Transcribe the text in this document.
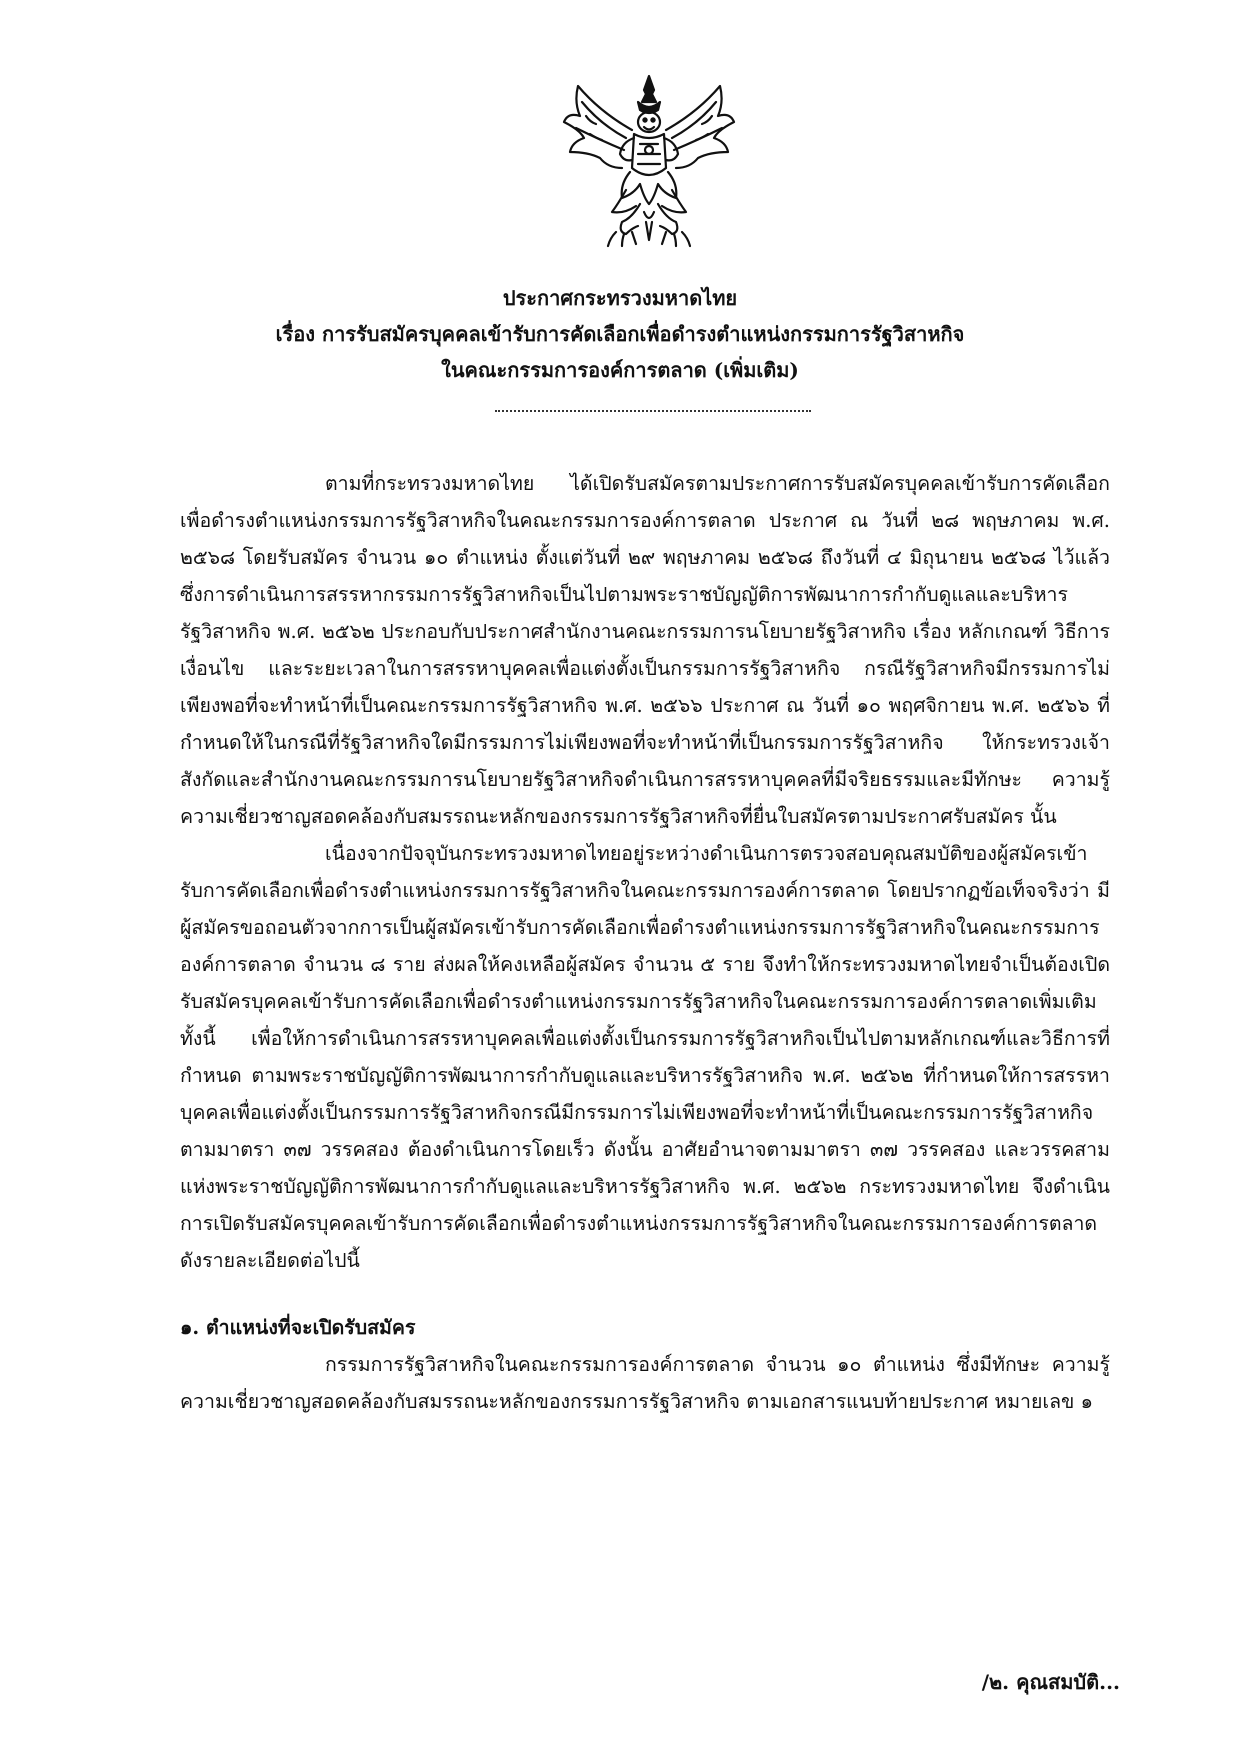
ประกาศกระทรวงมหาดไทย
เรื่อง การรับสมัครบุคคลเข้ารับการคัดเลือกเพื่อดำรงตำแหน่งกรรมการรัฐวิสาหกิจ
ในคณะกรรมการองค์การตลาด (เพิ่มเติม)

ตามที่กระทรวงมหาดไทย ได้เปิดรับสมัครตามประกาศการรับสมัครบุคคลเข้ารับการคัดเลือกเพื่อดำรงตำแหน่งกรรมการรัฐวิสาหกิจในคณะกรรมการองค์การตลาด ประกาศ ณ วันที่ ๒๘ พฤษภาคม พ.ศ. ๒๕๖๘ โดยรับสมัคร จำนวน ๑๐ ตำแหน่ง ตั้งแต่วันที่ ๒๙ พฤษภาคม ๒๕๖๘ ถึงวันที่ ๔ มิถุนายน ๒๕๖๘ ไว้แล้ว ซึ่งการดำเนินการสรรหากรรมการรัฐวิสาหกิจเป็นไปตามพระราชบัญญัติการพัฒนาการกำกับดูแลและบริหารรัฐวิสาหกิจ พ.ศ. ๒๕๖๒ ประกอบกับประกาศสำนักงานคณะกรรมการนโยบายรัฐวิสาหกิจ เรื่อง หลักเกณฑ์ วิธีการ เงื่อนไข และระยะเวลาในการสรรหาบุคคลเพื่อแต่งตั้งเป็นกรรมการรัฐวิสาหกิจ กรณีรัฐวิสาหกิจมีกรรมการไม่เพียงพอที่จะทำหน้าที่เป็นคณะกรรมการรัฐวิสาหกิจ พ.ศ. ๒๕๖๖ ประกาศ ณ วันที่ ๑๐ พฤศจิกายน พ.ศ. ๒๕๖๖ ที่กำหนดให้ในกรณีที่รัฐวิสาหกิจใดมีกรรมการไม่เพียงพอที่จะทำหน้าที่เป็นกรรมการรัฐวิสาหกิจ ให้กระทรวงเจ้าสังกัดและสำนักงานคณะกรรมการนโยบายรัฐวิสาหกิจดำเนินการสรรหาบุคคลที่มีจริยธรรมและมีทักษะ ความรู้ ความเชี่ยวชาญสอดคล้องกับสมรรถนะหลักของกรรมการรัฐวิสาหกิจที่ยื่นใบสมัครตามประกาศรับสมัคร นั้น

เนื่องจากปัจจุบันกระทรวงมหาดไทยอยู่ระหว่างดำเนินการตรวจสอบคุณสมบัติของผู้สมัครเข้ารับการคัดเลือกเพื่อดำรงตำแหน่งกรรมการรัฐวิสาหกิจในคณะกรรมการองค์การตลาด โดยปรากฏข้อเท็จจริงว่า มีผู้สมัครขอถอนตัวจากการเป็นผู้สมัครเข้ารับการคัดเลือกเพื่อดำรงตำแหน่งกรรมการรัฐวิสาหกิจในคณะกรรมการองค์การตลาด จำนวน ๘ ราย ส่งผลให้คงเหลือผู้สมัคร จำนวน ๕ ราย จึงทำให้กระทรวงมหาดไทยจำเป็นต้องเปิดรับสมัครบุคคลเข้ารับการคัดเลือกเพื่อดำรงตำแหน่งกรรมการรัฐวิสาหกิจในคณะกรรมการองค์การตลาดเพิ่มเติม ทั้งนี้ เพื่อให้การดำเนินการสรรหาบุคคลเพื่อแต่งตั้งเป็นกรรมการรัฐวิสาหกิจเป็นไปตามหลักเกณฑ์และวิธีการที่กำหนด ตามพระราชบัญญัติการพัฒนาการกำกับดูแลและบริหารรัฐวิสาหกิจ พ.ศ. ๒๕๖๒ ที่กำหนดให้การสรรหาบุคคลเพื่อแต่งตั้งเป็นกรรมการรัฐวิสาหกิจกรณีมีกรรมการไม่เพียงพอที่จะทำหน้าที่เป็นคณะกรรมการรัฐวิสาหกิจ ตามมาตรา ๓๗ วรรคสอง ต้องดำเนินการโดยเร็ว ดังนั้น อาศัยอำนาจตามมาตรา ๓๗ วรรคสอง และวรรคสาม แห่งพระราชบัญญัติการพัฒนาการกำกับดูแลและบริหารรัฐวิสาหกิจ พ.ศ. ๒๕๖๒ กระทรวงมหาดไทย จึงดำเนินการเปิดรับสมัครบุคคลเข้ารับการคัดเลือกเพื่อดำรงตำแหน่งกรรมการรัฐวิสาหกิจในคณะกรรมการองค์การตลาด ดังรายละเอียดต่อไปนี้

๑. ตำแหน่งที่จะเปิดรับสมัคร

กรรมการรัฐวิสาหกิจในคณะกรรมการองค์การตลาด จำนวน ๑๐ ตำแหน่ง ซึ่งมีทักษะ ความรู้ ความเชี่ยวชาญสอดคล้องกับสมรรถนะหลักของกรรมการรัฐวิสาหกิจ ตามเอกสารแนบท้ายประกาศ หมายเลข ๑

/๒. คุณสมบัติ...
